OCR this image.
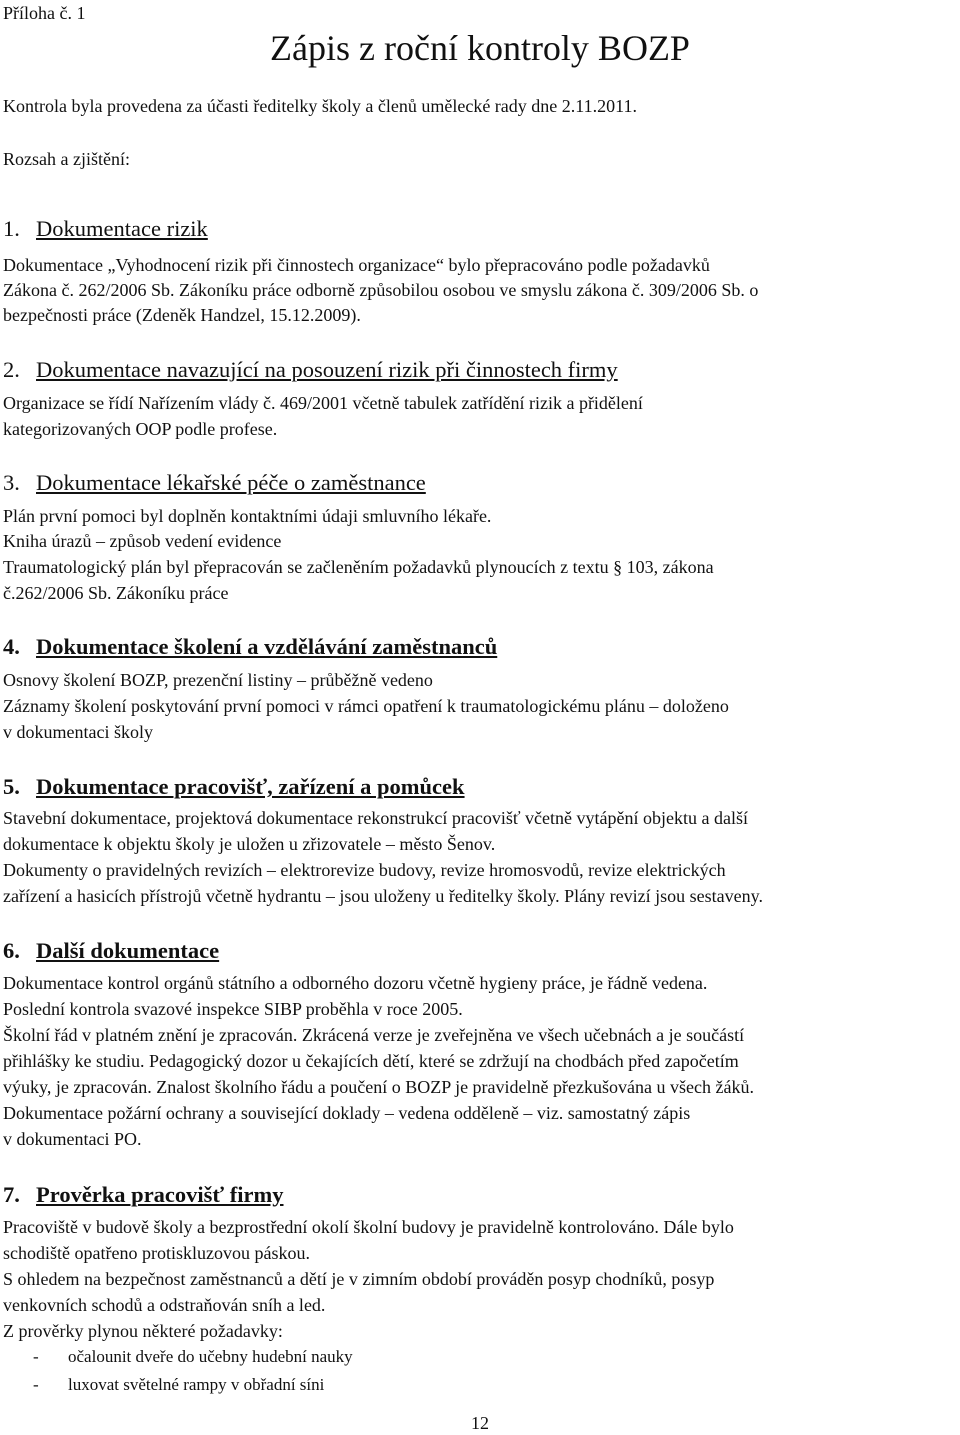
Příloha č. 1
Zápis z roční kontroly BOZP
Kontrola byla provedena za účasti ředitelky školy a členů umělecké rady dne 2.11.2011.
Rozsah a zjištění:
1. Dokumentace rizik
Dokumentace „Vyhodnocení rizik při činnostech organizace“ bylo přepracováno podle požadavků
Zákona č. 262/2006 Sb. Zákoníku práce odborně způsobilou osobou ve smyslu zákona č. 309/2006 Sb. o
bezpečnosti práce (Zdeněk Handzel, 15.12.2009).
2. Dokumentace navazující na posouzení rizik při činnostech firmy
Organizace se řídí Nařízením vlády č. 469/2001 včetně tabulek zatřídění rizik a přidělení
kategorizovaných OOP podle profese.
3. Dokumentace lékařské péče o zaměstnance
Plán první pomoci byl doplněn kontaktními údaji smluvního lékaře.
Kniha úrazů – způsob vedení evidence
Traumatologický plán byl přepracován se začleněním požadavků plynoucích z textu § 103, zákona
č.262/2006 Sb. Zákoníku práce
4. Dokumentace školení a vzdělávání zaměstnanců
Osnovy školení BOZP, prezenční listiny – průběžně vedeno
Záznamy školení poskytování první pomoci v rámci opatření k traumatologickému plánu – doloženo
v dokumentaci školy
5. Dokumentace pracovišť, zařízení a pomůcek
Stavební dokumentace, projektová dokumentace rekonstrukcí pracovišť včetně vytápění objektu a další
dokumentace k objektu školy je uložen u zřizovatele – město Šenov.
Dokumenty o pravidelných revizích – elektrorevize budovy, revize hromosvodů, revize elektrických
zařízení a hasicích přístrojů včetně hydrantu – jsou uloženy u ředitelky školy. Plány revizí jsou sestaveny.
6. Další dokumentace
Dokumentace kontrol orgánů státního a odborného dozoru včetně hygieny práce, je řádně vedena.
Poslední kontrola svazové inspekce SIBP proběhla v roce 2005.
Školní řád v platném znění je zpracován. Zkrácená verze je zveřejněna ve všech učebnách a je součástí
přihlášky ke studiu. Pedagogický dozor u čekajících dětí, které se zdržují na chodbách před započetím
výuky, je zpracován. Znalost školního řádu a poučení o BOZP je pravidelně přezkušována u všech žáků.
Dokumentace požární ochrany a související doklady – vedena odděleně – viz. samostatný zápis
v dokumentaci PO.
7. Prověrka pracovišť firmy
Pracoviště v budově školy a bezprostřední okolí školní budovy je pravidelně kontrolováno. Dále bylo
schodiště opatřeno protiskluzovou páskou.
S ohledem na bezpečnost zaměstnanců a dětí je v zimním období prováděn posyp chodníků, posyp
venkovních schodů a odstraňován sníh a led.
Z prověrky plynou některé požadavky:
- očalounit dveře do učebny hudební nauky
- luxovat světelné rampy v obřadní síni
12
